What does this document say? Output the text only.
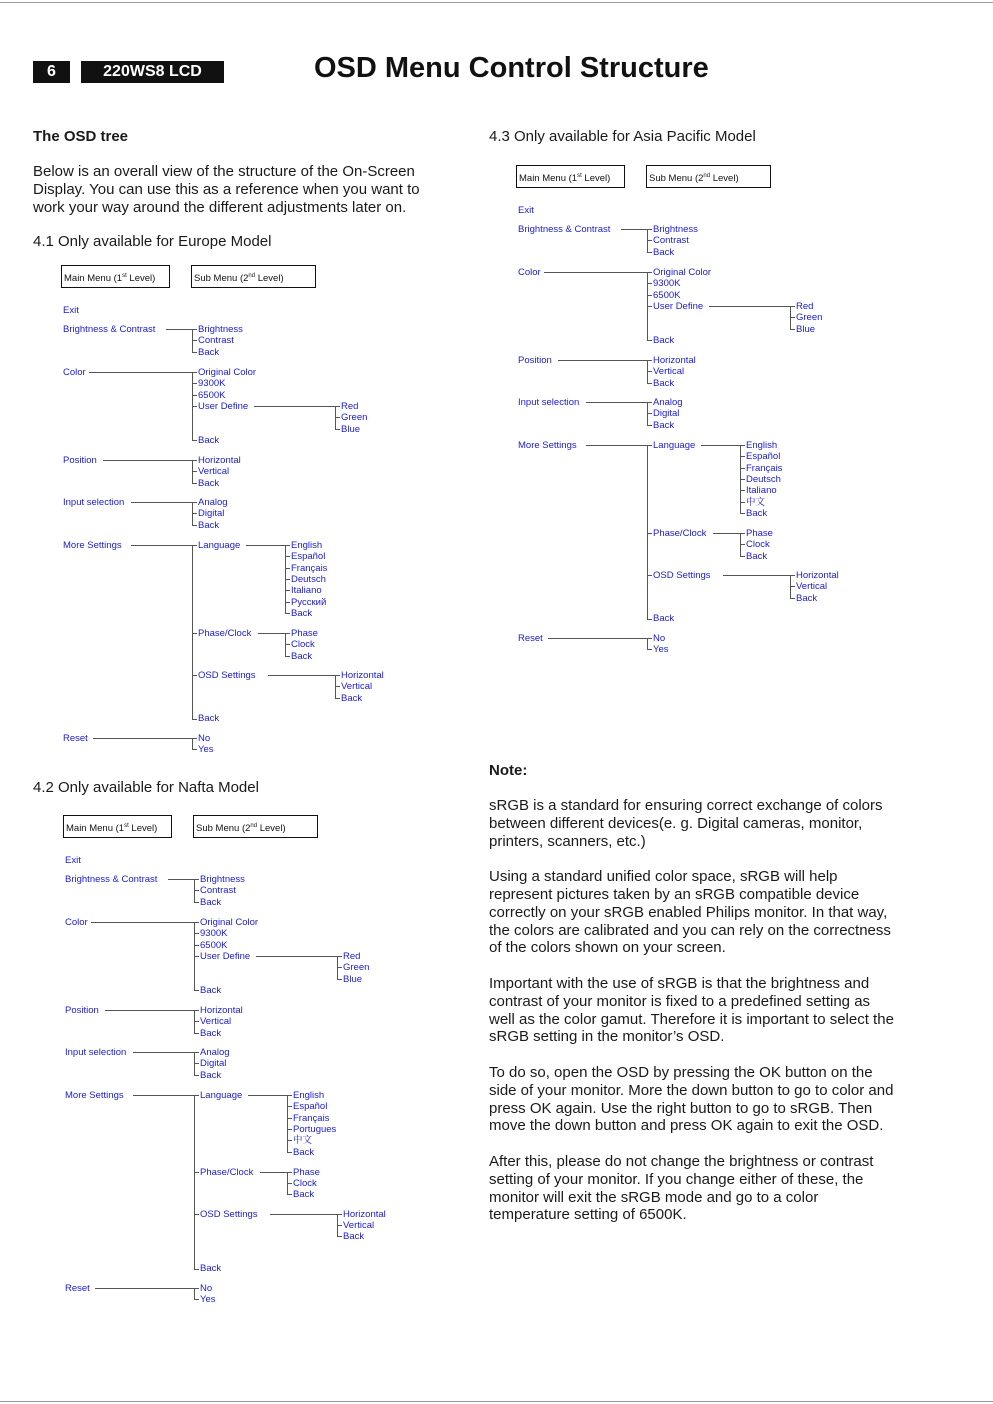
6	220WS8 LCD	OSD Menu Control Structure
The OSD tree
Below is an overall view of the structure of the On-Screen
Display. You can use this as a reference when you want to
work your way around the different adjustments later on.
4.1 Only available for Europe Model
4.2 Only available for Nafta Model
4.3 Only available for Asia Pacific Model
Main Menu (1st Level)	Sub Menu (2nd Level)
Exit
Brightness & Contrast	Brightness
Contrast
Back
Color	Original Color
9300K
6500K
User Define
Back
Red
Green
Blue
Position	Horizontal
Vertical
Back
Input selection	Analog
Digital
Back
More Settings	Language	English
Español
Français
Deutsch
Italiano
Русский
Back
Phase/Clock	Phase
Clock
Back
OSD Settings	Horizontal
Vertical
Back
Back
Reset	No
Yes
Main Menu (1st Level)	Sub Menu (2nd Level)
Exit
Brightness & Contrast	Brightness
Contrast
Back
Color	Original Color
9300K
6500K
User Define
Back
Red
Green
Blue
Position	Horizontal
Vertical
Back
Input selection	Analog
Digital
Back
More Settings	Language	English
Español
Français
Portugues
中文
Back
Phase/Clock	Phase
Clock
Back
OSD Settings	Horizontal
Vertical
Back
Back
Reset	No
Yes
Main Menu (1st Level)	Sub Menu (2nd Level)
Exit
Brightness & Contrast	Brightness
Contrast
Back
Color	Original Color
9300K
6500K
User Define
Back
Red
Green
Blue
Position	Horizontal
Vertical
Back
Input selection	Analog
Digital
Back
More Settings	Language	English
Español
Français
Deutsch
Italiano
中文
Back
Phase/Clock	Phase
Clock
Back
OSD Settings	Horizontal
Vertical
Back
Back
Reset	No
Yes
Note:
sRGB is a standard for ensuring correct exchange of colors
between different devices(e. g. Digital cameras, monitor,
printers, scanners, etc.)
Using a standard unified color space, sRGB will help
represent pictures taken by an sRGB compatible device
correctly on your sRGB enabled Philips monitor. In that way,
the colors are calibrated and you can rely on the correctness
of the colors shown on your screen.
Important with the use of sRGB is that the brightness and
contrast of your monitor is fixed to a predefined setting as
well as the color gamut. Therefore it is important to select the
sRGB setting in the monitor’s OSD.
To do so, open the OSD by pressing the OK button on the
side of your monitor. More the down button to go to color and
press OK again. Use the right button to go to sRGB. Then
move the down button and press OK again to exit the OSD.
After this, please do not change the brightness or contrast
setting of your monitor. If you change either of these, the
monitor will exit the sRGB mode and go to a color
temperature setting of 6500K.
